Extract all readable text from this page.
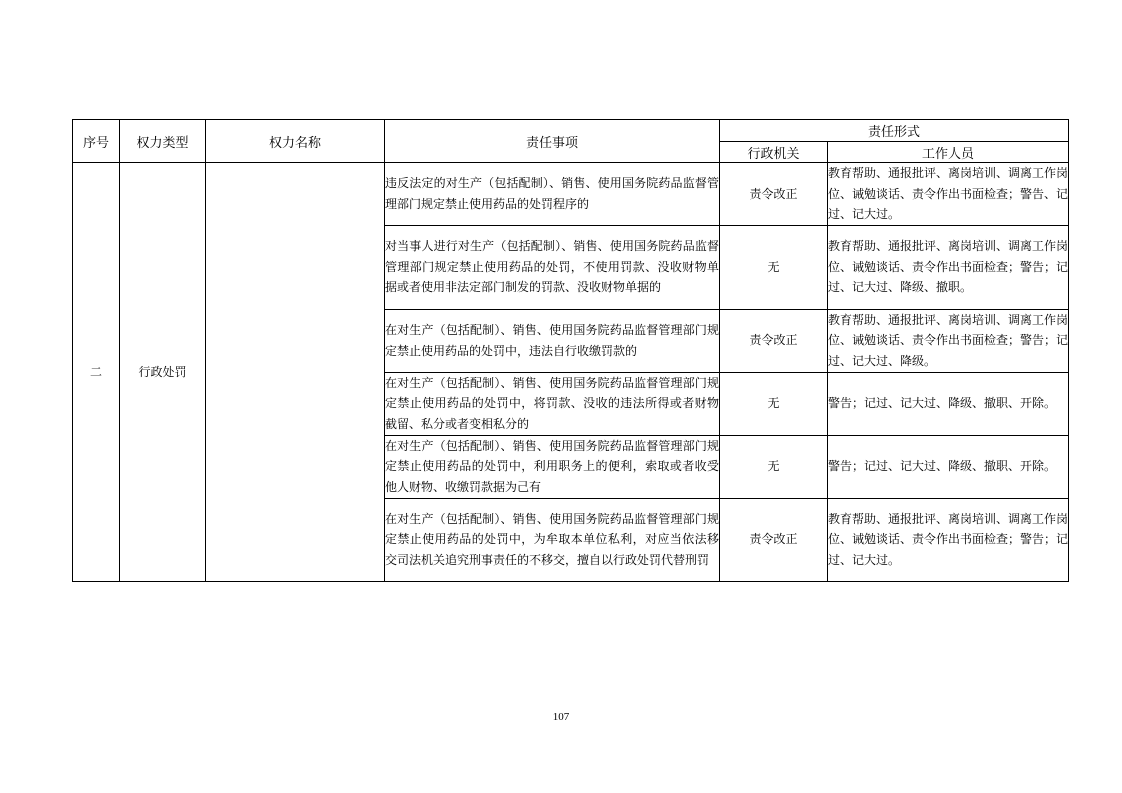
序号	权力类型	权力名称	责任事项	责任形式	
				行政机关	工作人员
二	行政处罚		违反法定的对生产（包括配制）、销售、使用国务院药品监督管理部门规定禁止使用药品的处罚程序的	责令改正	教育帮助、通报批评、离岗培训、调离工作岗位、诫勉谈话、责令作出书面检查；警告、记过、记大过。
			对当事人进行对生产（包括配制）、销售、使用国务院药品监督管理部门规定禁止使用药品的处罚，不使用罚款、没收财物单据或者使用非法定部门制发的罚款、没收财物单据的	无	教育帮助、通报批评、离岗培训、调离工作岗位、诫勉谈话、责令作出书面检查；警告；记过、记大过、降级、撤职。
			在对生产（包括配制）、销售、使用国务院药品监督管理部门规定禁止使用药品的处罚中，违法自行收缴罚款的	责令改正	教育帮助、通报批评、离岗培训、调离工作岗位、诫勉谈话、责令作出书面检查；警告；记过、记大过、降级。
			在对生产（包括配制）、销售、使用国务院药品监督管理部门规定禁止使用药品的处罚中，将罚款、没收的违法所得或者财物截留、私分或者变相私分的	无	警告；记过、记大过、降级、撤职、开除。
			在对生产（包括配制）、销售、使用国务院药品监督管理部门规定禁止使用药品的处罚中，利用职务上的便利，索取或者收受他人财物、收缴罚款据为己有	无	警告；记过、记大过、降级、撤职、开除。
			在对生产（包括配制）、销售、使用国务院药品监督管理部门规定禁止使用药品的处罚中，为牟取本单位私利，对应当依法移交司法机关追究刑事责任的不移交，擅自以行政处罚代替刑罚	责令改正	教育帮助、通报批评、离岗培训、调离工作岗位、诫勉谈话、责令作出书面检查；警告；记过、记大过。
107
